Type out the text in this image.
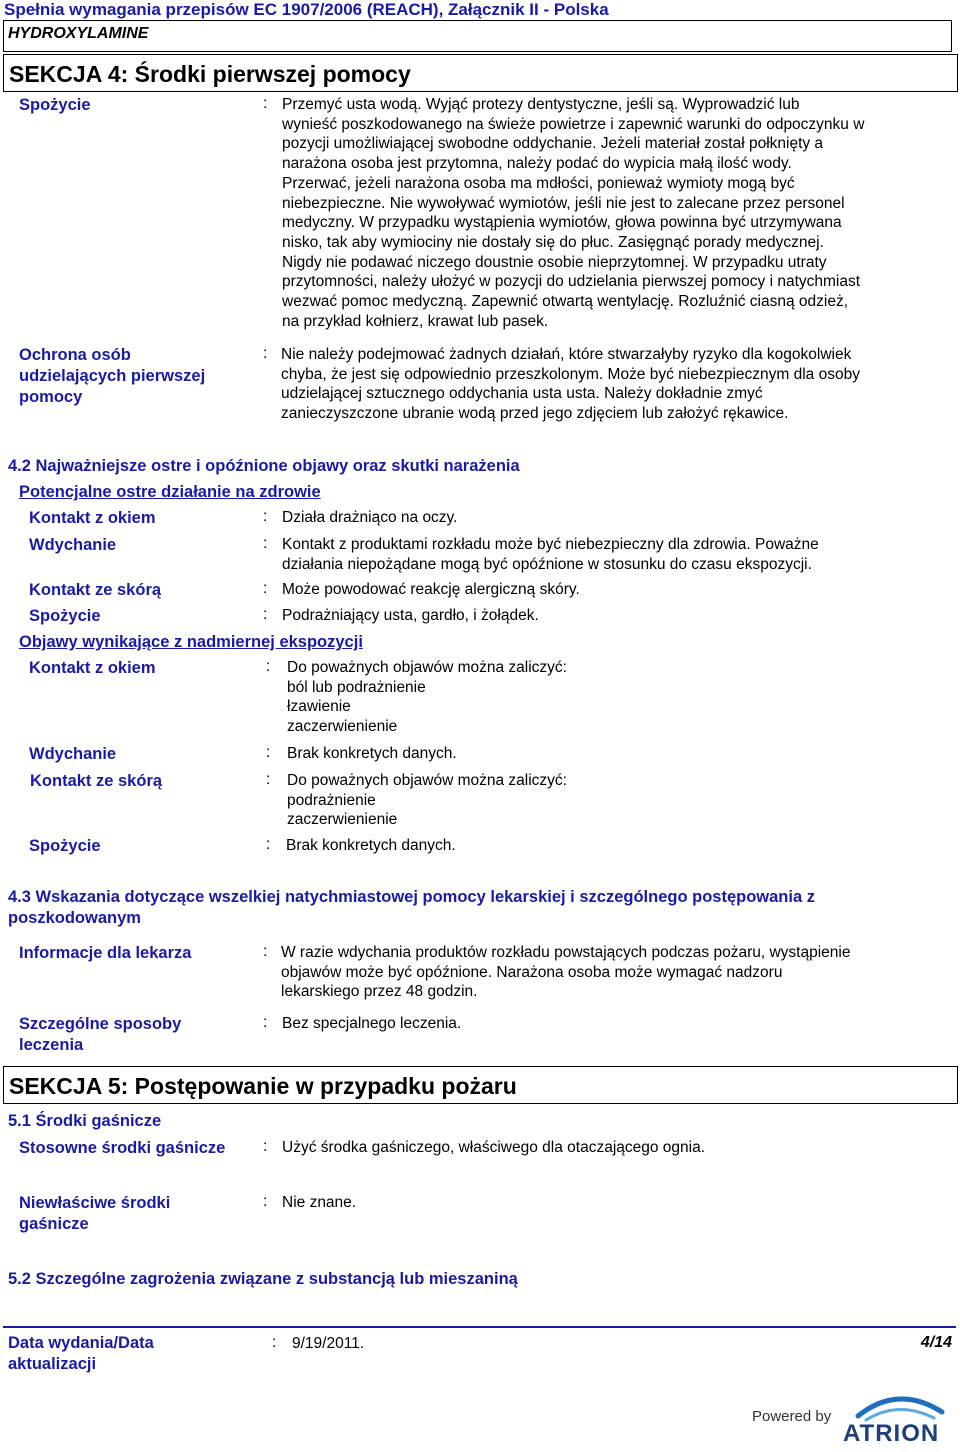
Spełnia wymagania przepisów EC 1907/2006 (REACH), Załącznik II - Polska
HYDROXYLAMINE
SEKCJA 4: Środki pierwszej pomocy
Spożycie	: Przemyć usta wodą. Wyjąć protezy dentystyczne, jeśli są. Wyprowadzić lub
wynieść poszkodowanego na świeże powietrze i zapewnić warunki do odpoczynku w
pozycji umożliwiającej swobodne oddychanie. Jeżeli materiał został połknięty a
narażona osoba jest przytomna, należy podać do wypicia małą ilość wody.
Przerwać, jeżeli narażona osoba ma mdłości, ponieważ wymioty mogą być
niebezpieczne. Nie wywoływać wymiotów, jeśli nie jest to zalecane przez personel
medyczny. W przypadku wystąpienia wymiotów, głowa powinna być utrzymywana
nisko, tak aby wymiociny nie dostały się do płuc. Zasięgnąć porady medycznej.
Nigdy nie podawać niczego doustnie osobie nieprzytomnej. W przypadku utraty
przytomności, należy ułożyć w pozycji do udzielania pierwszej pomocy i natychmiast
wezwać pomoc medyczną. Zapewnić otwartą wentylację. Rozluźnić ciasną odzież,
na przykład kołnierz, krawat lub pasek.
Ochrona osób
udzielających pierwszej
pomocy
: Nie należy podejmować żadnych działań, które stwarzałyby ryzyko dla kogokolwiek
chyba, że jest się odpowiednio przeszkolonym. Może być niebezpiecznym dla osoby
udzielającej sztucznego oddychania usta usta. Należy dokładnie zmyć
zanieczyszczone ubranie wodą przed jego zdjęciem lub założyć rękawice.
4.2 Najważniejsze ostre i opóźnione objawy oraz skutki narażenia
Potencjalne ostre działanie na zdrowie
Kontakt z okiem	: Działa drażniąco na oczy.
Wdychanie	: Kontakt z produktami rozkładu może być niebezpieczny dla zdrowia. Poważne
działania niepożądane mogą być opóźnione w stosunku do czasu ekspozycji.
Kontakt ze skórą	: Może powodować reakcję alergiczną skóry.
Spożycie	: Podrażniający usta, gardło, i żołądek.
Objawy wynikające z nadmiernej ekspozycji
Kontakt z okiem	: Do poważnych objawów można zaliczyć:
ból lub podrażnienie
łzawienie
zaczerwienienie
Wdychanie	: Brak konkretych danych.
Kontakt ze skórą	: Do poważnych objawów można zaliczyć:
podrażnienie
zaczerwienienie
Spożycie	: Brak konkretych danych.
4.3 Wskazania dotyczące wszelkiej natychmiastowej pomocy lekarskiej i szczególnego postępowania z
poszkodowanym
Informacje dla lekarza	: W razie wdychania produktów rozkładu powstających podczas pożaru, wystąpienie
objawów może być opóźnione. Narażona osoba może wymagać nadzoru
lekarskiego przez 48 godzin.
Szczególne sposoby
leczenia
: Bez specjalnego leczenia.
SEKCJA 5: Postępowanie w przypadku pożaru
5.1 Środki gaśnicze
Stosowne środki gaśnicze : Użyć środka gaśniczego, właściwego dla otaczającego ognia.
Niewłaściwe środki
gaśnicze
: Nie znane.
5.2 Szczególne zagrożenia związane z substancją lub mieszaniną
Data wydania/Data
aktualizacji
: 9/19/2011.	4/14
Powered by
ATRION
